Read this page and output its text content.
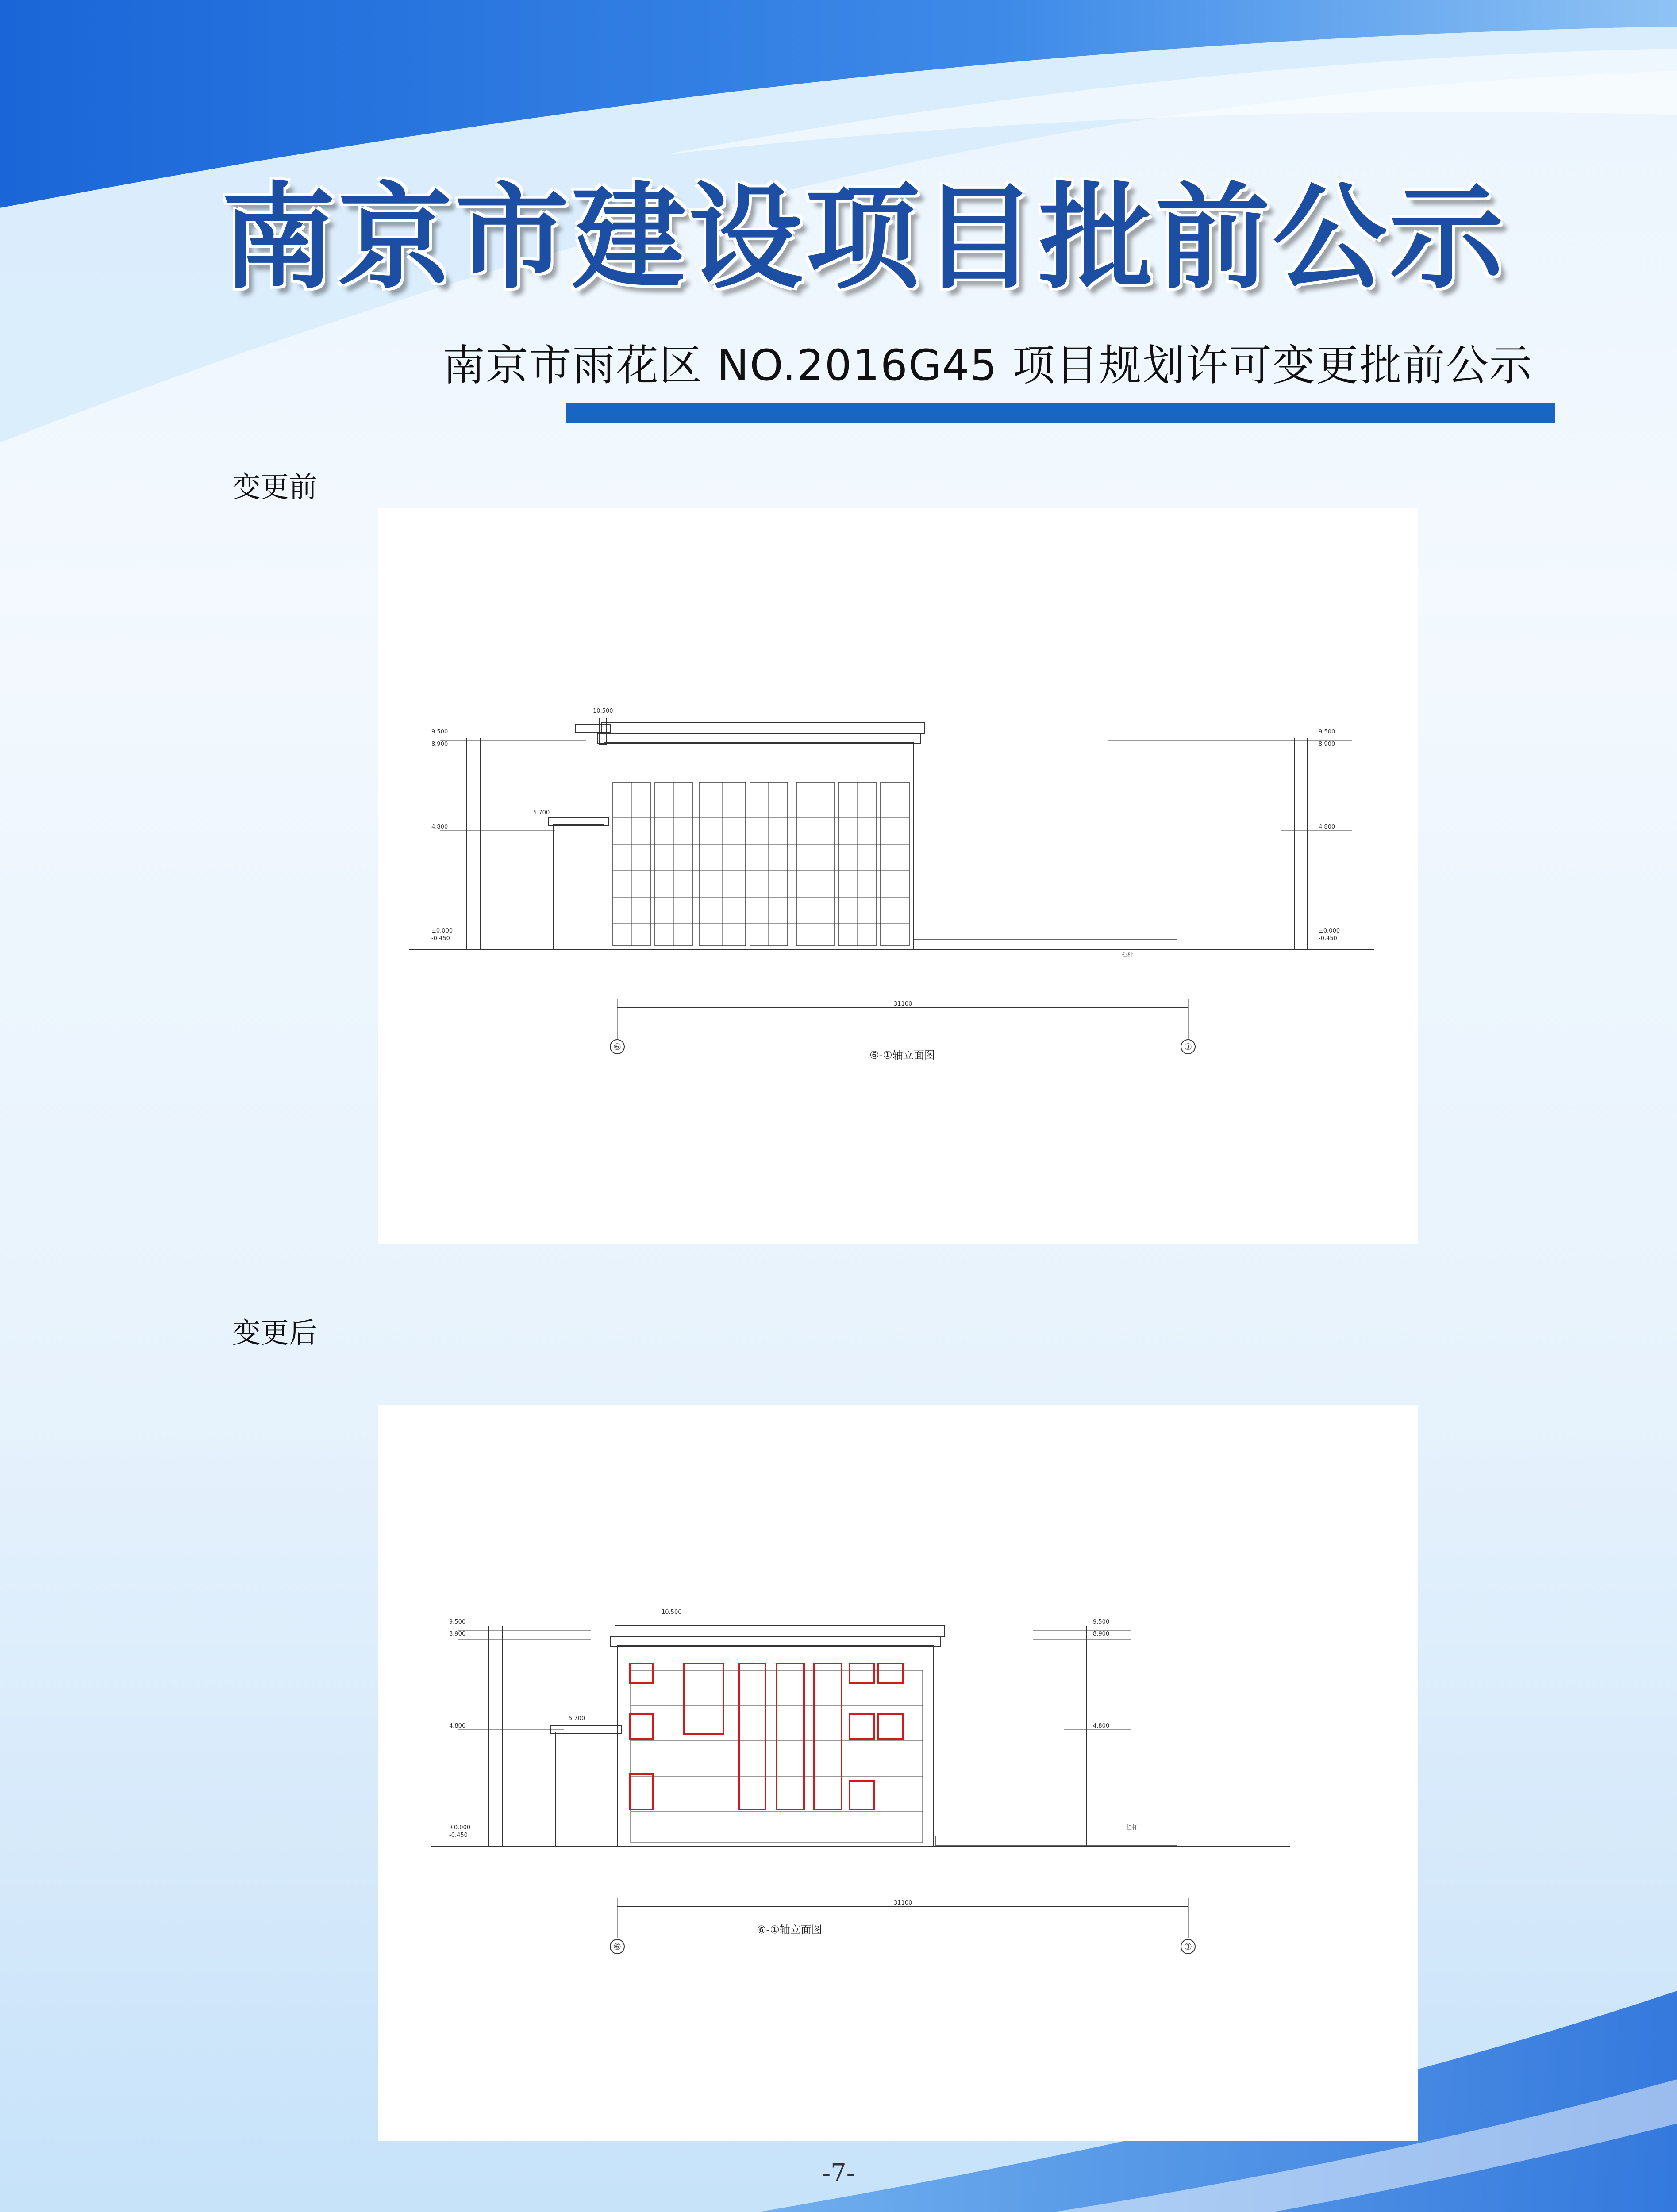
南京市建设项目批前公示
南京市雨花区 NO.2016G45 项目规划许可变更批前公示
变更前
9.500
8.900
4.800
±0.000
-0.450
9.500
8.900
4.800
±0.000
-0.450
10.500
5.700
栏杆
31100
⑥	①
⑥-①轴立面图
变更后
9.500
8.900
4.800
±0.000
-0.450
9.500
8.900
4.800
10.500
5.700
栏杆
31100
⑥	①
⑥-①轴立面图
-7-
